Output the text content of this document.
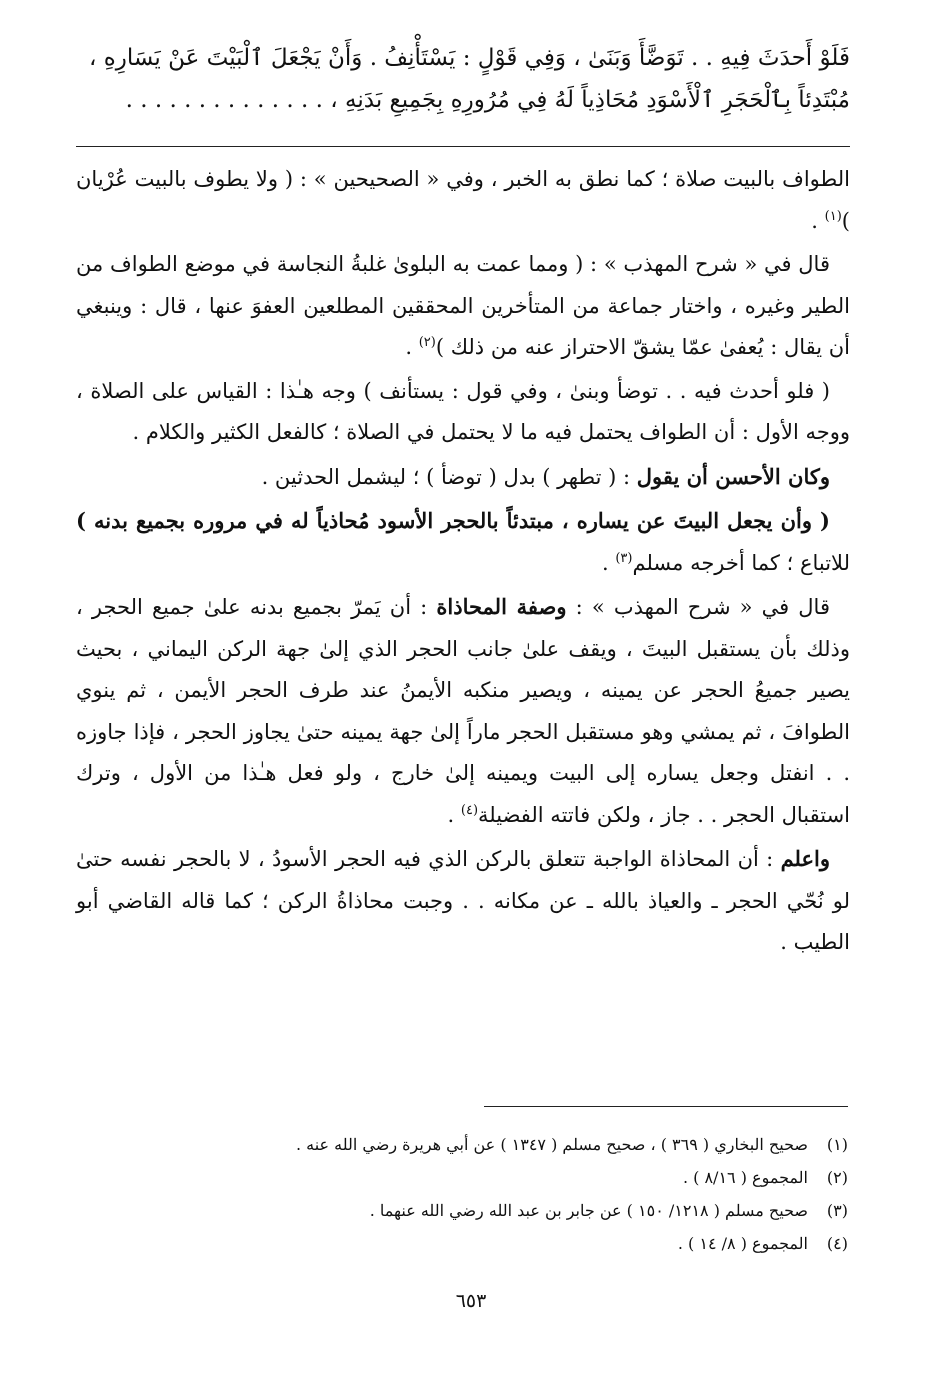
فَلَوْ أَحدَثَ فِيهِ . . تَوَضَّأَ وَبَنَىٰ ، وَفِي قَوْلٍ : يَسْتَأْنِفُ . وَأَنْ يَجْعَلَ ٱلْبَيْتَ عَنْ يَسَارِهِ ،

مُبْتَدِئاً بِٱلْحَجَرِ ٱلْأَسْوَدِ مُحَاذِياً لَهُ فِي مُرُورِهِ بِجَمِيعِ بَدَنِهِ ، . . . . . . . . . . . . . .

الطواف بالبيت صلاة ؛ كما نطق به الخبر ، وفي « الصحيحين » : ( ولا يطوف بالبيت عُرْيان )$^{(١)}$ .

قال في « شرح المهذب » : ( ومما عمت به البلوىٰ غلبةُ النجاسة في موضع الطواف من الطير وغيره ، واختار جماعة من المتأخرين المحققين المطلعين العفوَ عنها ، قال : وينبغي أن يقال : يُعفىٰ عمّا يشقّ الاحتراز عنه من ذلك )$^{(٢)}$ .

( فلو أحدث فيه . . توضأ وبنىٰ ، وفي قول : يستأنف ) وجه هـٰذا : القياس على الصلاة ، ووجه الأول : أن الطواف يحتمل فيه ما لا يحتمل في الصلاة ؛ كالفعل الكثير والكلام .

وكان الأحسن أن يقول : ( تطهر ) بدل ( توضأ ) ؛ ليشمل الحدثين .

( وأن يجعل البيتَ عن يساره ، مبتدئاً بالحجر الأسود مُحاذياً له في مروره بجميع بدنه ) للاتباع ؛ كما أخرجه مسلم$^{(٣)}$ .

قال في « شرح المهذب » : وصفة المحاذاة : أن يَمرّ بجميع بدنه علىٰ جميع الحجر ، وذلك بأن يستقبل البيتَ ، ويقف علىٰ جانب الحجر الذي إلىٰ جهة الركن اليماني ، بحيث يصير جميعُ الحجر عن يمينه ، ويصير منكبه الأيمنُ عند طرف الحجر الأيمن ، ثم ينوي الطوافَ ، ثم يمشي وهو مستقبل الحجر ماراً إلىٰ جهة يمينه حتىٰ يجاوز الحجر ، فإذا جاوزه . . انفتل وجعل يساره إلى البيت ويمينه إلىٰ خارج ، ولو فعل هـٰذا من الأول ، وترك استقبال الحجر . . جاز ، ولكن فاتته الفضيلة$^{(٤)}$ .

واعلم : أن المحاذاة الواجبة تتعلق بالركن الذي فيه الحجر الأسودُ ، لا بالحجر نفسه حتىٰ لو نُحّي الحجر ـ والعياذ بالله ـ عن مكانه . . وجبت محاذاةُ الركن ؛ كما قاله القاضي أبو الطيب .

(١)
صحيح البخاري ( ٣٦٩ ) ، صحيح مسلم ( ١٣٤٧ ) عن أبي هريرة رضي الله عنه .
(٢)
المجموع ( ٨/١٦ ) .
(٣)
صحيح مسلم ( ١٢١٨/ ١٥٠ ) عن جابر بن عبد الله رضي الله عنهما .
(٤)
المجموع ( ٨/ ١٤ ) .
٦٥٣
